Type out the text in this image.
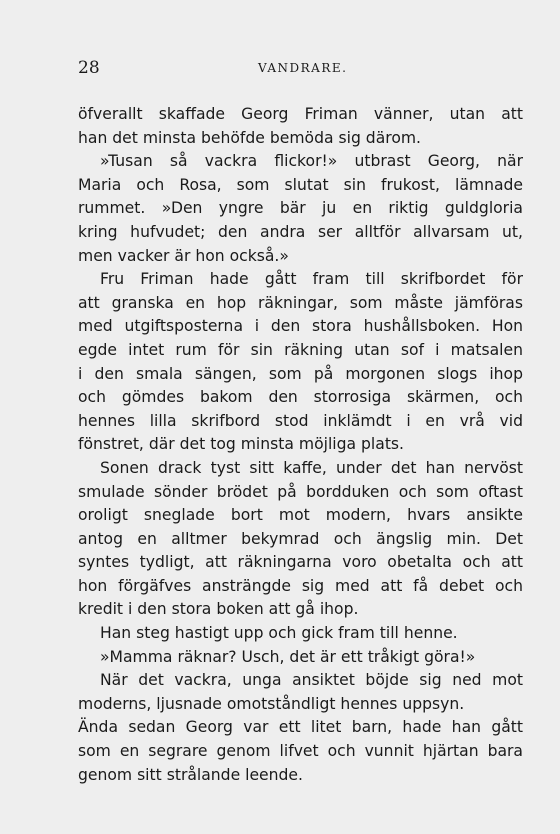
28	VANDRARE.
öfverallt skaffade Georg Friman vänner, utan att
han det minsta behöfde bemöda sig därom.
»Tusan så vackra flickor!» utbrast Georg, när
Maria och Rosa, som slutat sin frukost, lämnade
rummet. »Den yngre bär ju en riktig guldgloria
kring hufvudet; den andra ser alltför allvarsam ut,
men vacker är hon också.»
Fru Friman hade gått fram till skrifbordet för
att granska en hop räkningar, som måste jämföras
med utgiftsposterna i den stora hushållsboken. Hon
egde intet rum för sin räkning utan sof i matsalen
i den smala sängen, som på morgonen slogs ihop
och gömdes bakom den storrosiga skärmen, och
hennes lilla skrifbord stod inklämdt i en vrå vid
fönstret, där det tog minsta möjliga plats.
Sonen drack tyst sitt kaffe, under det han nervöst
smulade sönder brödet på bordduken och som oftast
oroligt sneglade bort mot modern, hvars ansikte
antog en alltmer bekymrad och ängslig min. Det
syntes tydligt, att räkningarna voro obetalta och att
hon förgäfves ansträngde sig med att få debet och
kredit i den stora boken att gå ihop.
Han steg hastigt upp och gick fram till henne.
»Mamma räknar? Usch, det är ett tråkigt göra!»
När det vackra, unga ansiktet böjde sig ned mot
moderns, ljusnade omotståndligt hennes uppsyn.
Ända sedan Georg var ett litet barn, hade han gått
som en segrare genom lifvet och vunnit hjärtan bara
genom sitt strålande leende.
